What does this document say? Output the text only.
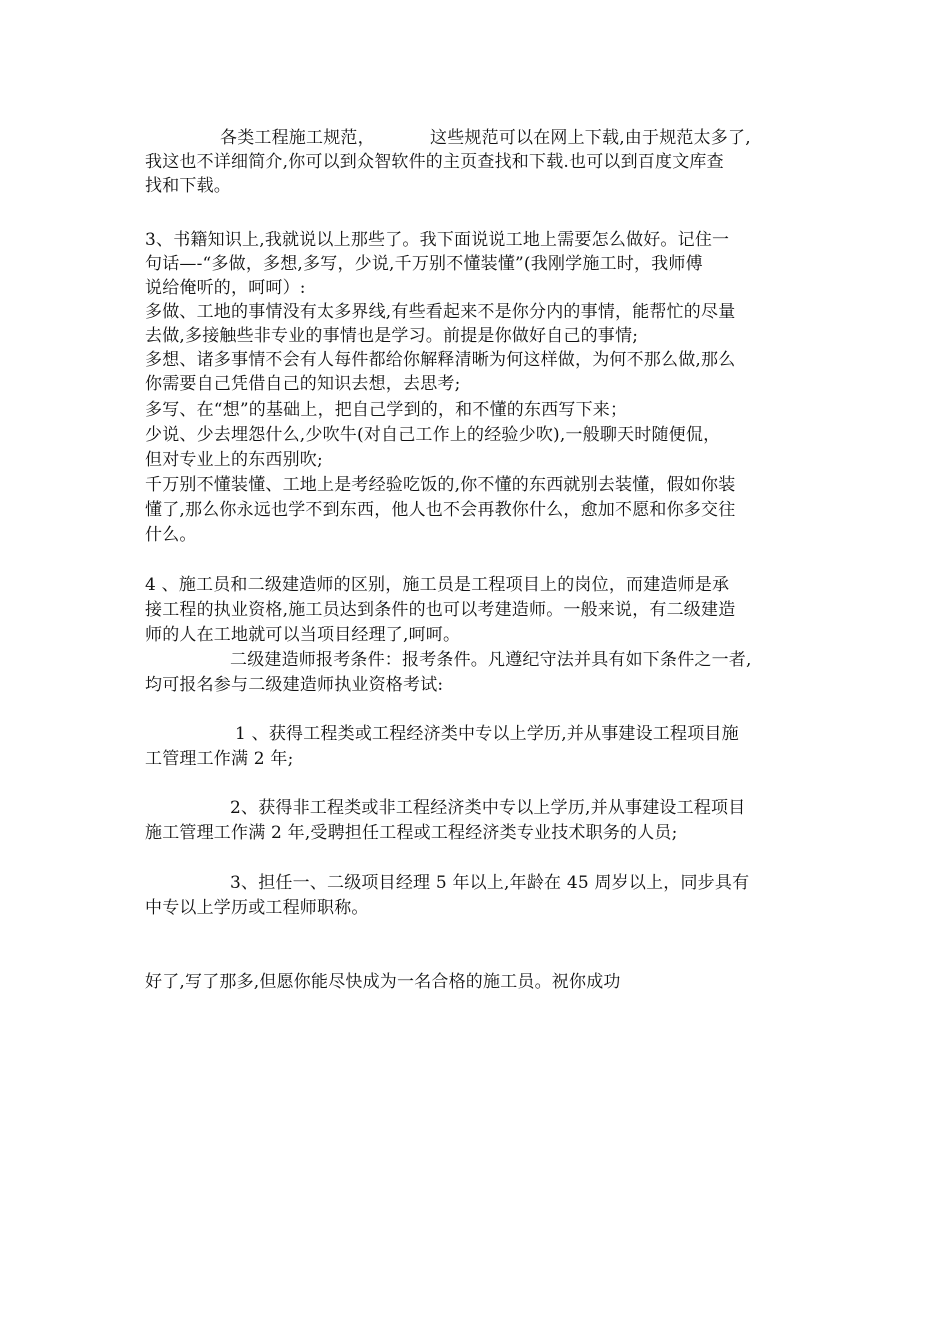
各类工程施工规范，	这些规范可以在网上下载,由于规范太多了,
我这也不详细简介,你可以到众智软件的主页查找和下载.也可以到百度文库查
找和下载。
3、书籍知识上,我就说以上那些了。我下面说说工地上需要怎么做好。记住一
句话—-“多做，多想,多写，少说,千万别不懂装懂”(我刚学施工时，我师傅
说给俺听的，呵呵）:
多做、工地的事情没有太多界线,有些看起来不是你分内的事情，能帮忙的尽量
去做,多接触些非专业的事情也是学习。前提是你做好自己的事情;
多想、诸多事情不会有人每件都给你解释清晰为何这样做，为何不那么做,那么
你需要自己凭借自己的知识去想，去思考;
多写、在“想”的基础上，把自己学到的，和不懂的东西写下来；
少说、少去埋怨什么,少吹牛(对自己工作上的经验少吹),一般聊天时随便侃，
但对专业上的东西别吹;
千万别不懂装懂、工地上是考经验吃饭的,你不懂的东西就别去装懂，假如你装
懂了,那么你永远也学不到东西，他人也不会再教你什么，愈加不愿和你多交往
什么。
4 、施工员和二级建造师的区别，施工员是工程项目上的岗位，而建造师是承
接工程的执业资格,施工员达到条件的也可以考建造师。一般来说，有二级建造
师的人在工地就可以当项目经理了,呵呵。
二级建造师报考条件：报考条件。凡遵纪守法并具有如下条件之一者,
均可报名参与二级建造师执业资格考试:
1 、获得工程类或工程经济类中专以上学历,并从事建设工程项目施
工管理工作满 2 年;
2、获得非工程类或非工程经济类中专以上学历,并从事建设工程项目
施工管理工作满 2 年,受聘担任工程或工程经济类专业技术职务的人员;
3、担任一、二级项目经理 5 年以上,年龄在 45 周岁以上，同步具有
中专以上学历或工程师职称。
好了,写了那多,但愿你能尽快成为一名合格的施工员。祝你成功
